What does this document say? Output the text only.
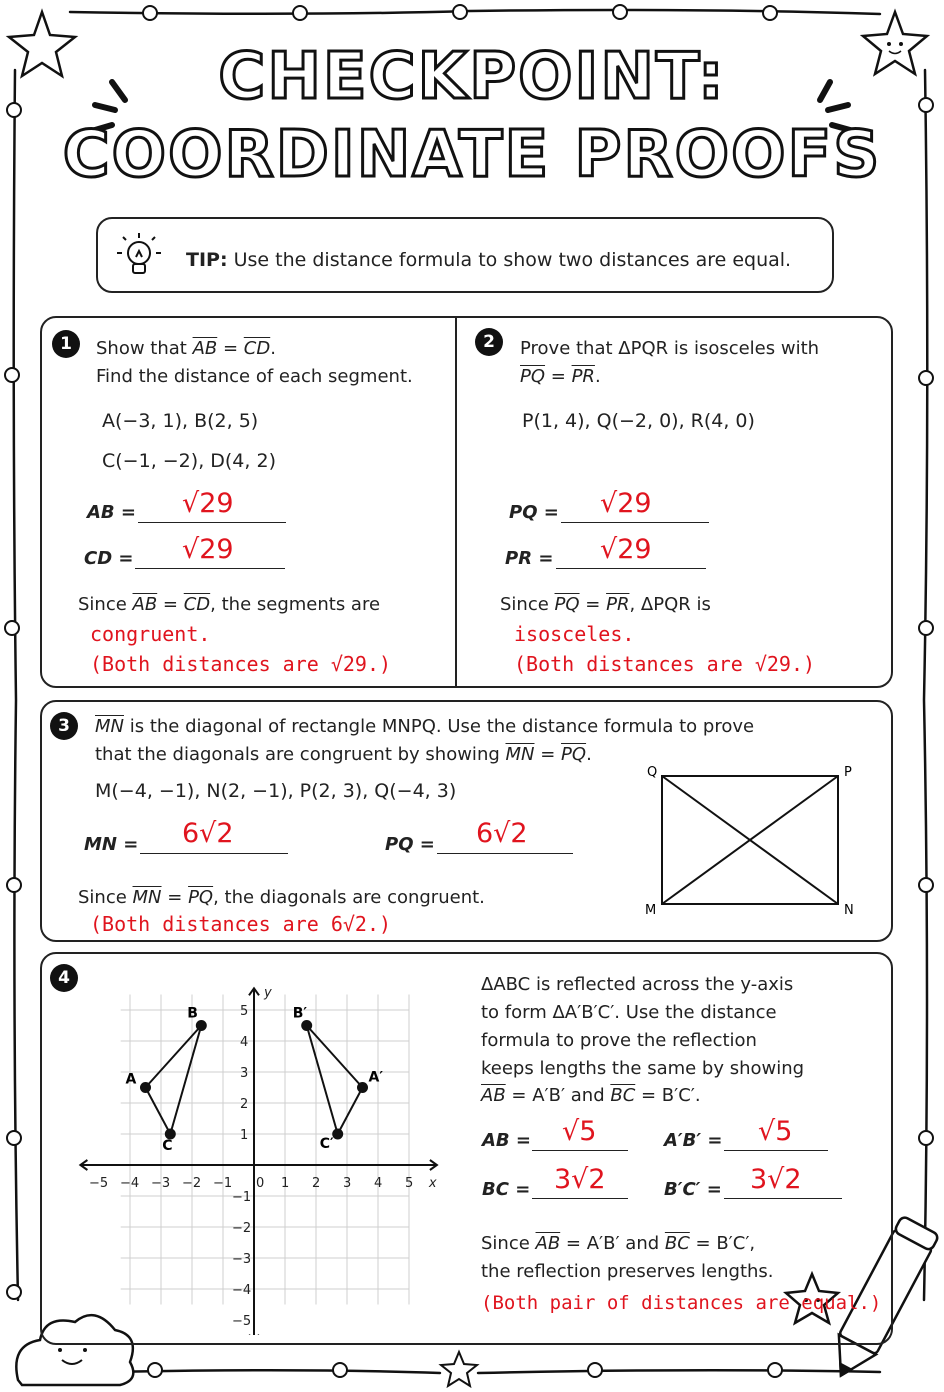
CHECKPOINT:
COORDINATE PROOFS
TIP: Use the distance formula to show two distances are equal.
1	Show that $\overline{AB} = \overline{CD}$.
Find the distance of each segment.
A(−3, 1), B(2, 5)
C(−1, −2), D(4, 2)
AB = √29
CD = √29
Since $\overline{AB} = \overline{CD}$, the segments are
congruent.
(Both distances are √29.)
2	Prove that ΔPQR is isosceles with
$\overline{PQ} = \overline{PR}$.
P(1, 4), Q(−2, 0), R(4, 0)
PQ = √29
PR = √29
Since $\overline{PQ} = \overline{PR}$, ΔPQR is
isosceles.
(Both distances are √29.)
3	$\overline{MN}$ is the diagonal of rectangle MNPQ. Use the distance formula to prove
that the diagonals are congruent by showing $\overline{MN} = \overline{PQ}$.
M(−4, −1), N(2, −1), P(2, 3), Q(−4, 3)
MN = 6√2	PQ = 6√2
Since $\overline{MN} = \overline{PQ}$, the diagonals are congruent.
(Both distances are 6√2.)
Q	P
M	N
4
−5 −4 −3 −2 −1 0 1 2 3 4 5
5
4
3
2
1
−1
−2
−3
−4
−5
x
y
A
B
C
A′
B′
C′
ΔABC is reflected across the y-axis
to form ΔA′B′C′. Use the distance
formula to prove the reflection
keeps lengths the same by showing
$\overline{AB} = A'B'$ and $\overline{BC} = B'C'$.
AB = √5	A′B′ = √5
BC = 3√2	B′C′ = 3√2
Since $\overline{AB} = A'B'$ and $\overline{BC} = B'C'$,
the reflection preserves lengths.
(Both pair of distances are equal.)
